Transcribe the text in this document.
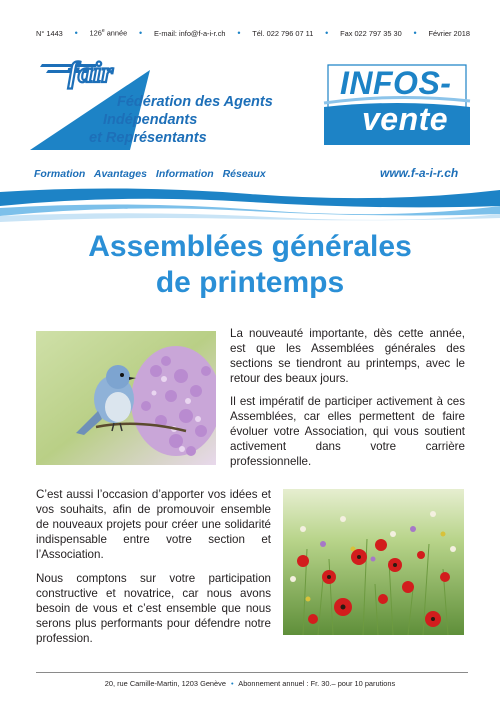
N° 1443 • 126e année • E-mail: info@f-a-i-r.ch • Tél. 022 796 07 11 • Fax 022 797 35 30 • Février 2018
fair
Fédération des Agents
Indépendants
et Représentants
INFOS-
vente
Formation Avantages Information Réseaux	www.f-a-i-r.ch
Assemblées générales
de printemps

La nouveauté importante, dès cette année, est que les Assemblées générales des sections se tiendront au printemps, avec le retour des beaux jours.

Il est impératif de participer activement à ces Assemblées, car elles permettent de faire évoluer votre Association, qui vous soutient activement dans votre carrière professionnelle.

C’est aussi l’occasion d’apporter vos idées et vos souhaits, afin de promouvoir ensemble de nouveaux projets pour créer une solidarité indispensable entre votre section et l’Association.

Nous comptons sur votre participation constructive et novatrice, car nous avons besoin de vous et c’est ensemble que nous serons plus performants pour défendre notre profession.

20, rue Camille-Martin, 1203 Genève • Abonnement annuel : Fr. 30.– pour 10 parutions
